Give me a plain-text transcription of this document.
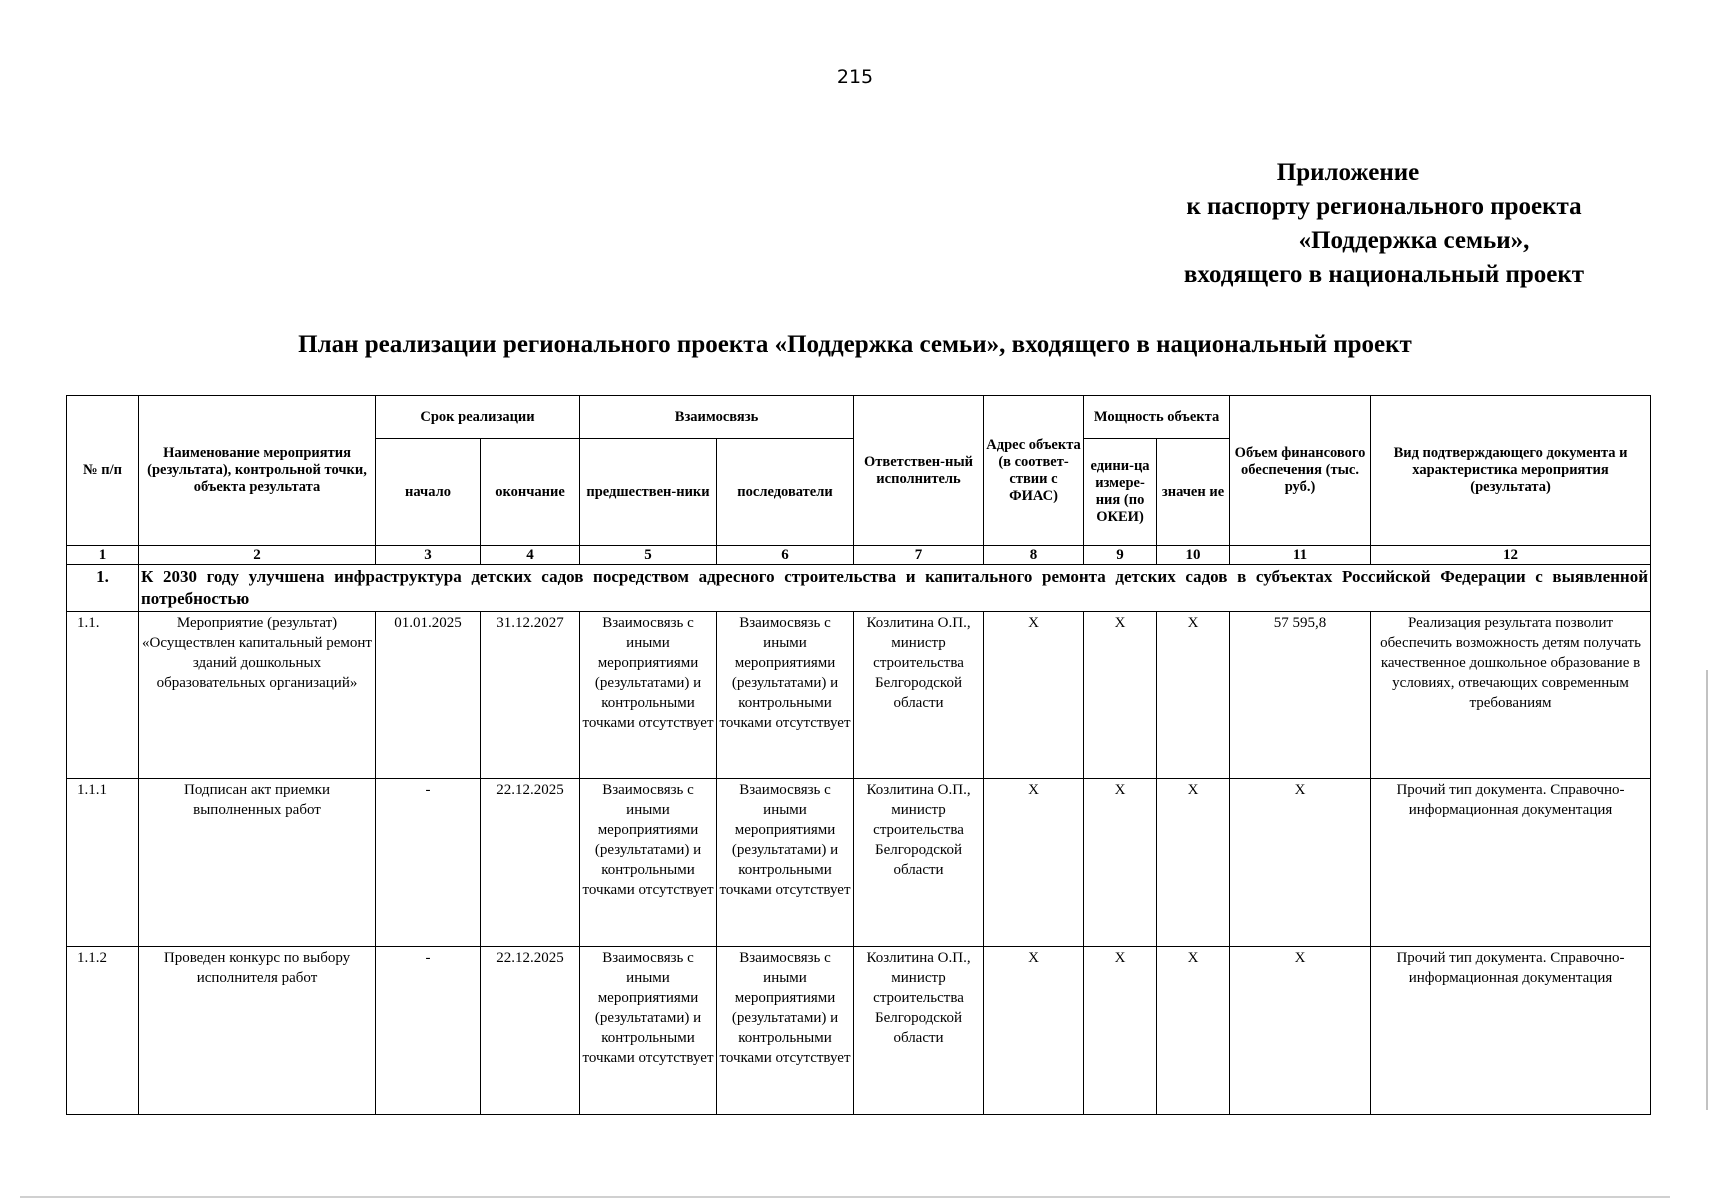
215
Приложение
к паспорту регионального проекта
«Поддержка семьи»,
входящего в национальный проект
План реализации регионального проекта «Поддержка семьи», входящего в национальный проект
№ п/п	Наименование мероприятия (результата), контрольной точки, объекта результата	Срок реализации		Взаимосвязь		Ответствен-ный исполнитель	Адрес объекта (в соответ-ствии с ФИАС)	Мощность объекта		Объем финансового обеспечения (тыс. руб.)	Вид подтверждающего документа и характеристика мероприятия (результата)
		начало	окончание	предшествен-ники	последователи			едини-ца измере-ния (по ОКЕИ)	значен ие		
1	2	3	4	5	6	7	8	9	10	11	12
1.	К 2030 году улучшена инфраструктура детских садов посредством адресного строительства и капитального ремонта детских садов в субъектах Российской Федерации с выявленной потребностью										
1.1.	Мероприятие (результат) «Осуществлен капитальный ремонт зданий дошкольных образовательных организаций»	01.01.2025	31.12.2027	Взаимосвязь с иными мероприятиями (результатами) и контрольными точками отсутствует	Взаимосвязь с иными мероприятиями (результатами) и контрольными точками отсутствует	Козлитина О.П., министр строительства Белгородской области	X	X	X	57 595,8	Реализация результата позволит обеспечить возможность детям получать качественное дошкольное образование в условиях, отвечающих современным требованиям
1.1.1	Подписан акт приемки выполненных работ	-	22.12.2025	Взаимосвязь с иными мероприятиями (результатами) и контрольными точками отсутствует	Взаимосвязь с иными мероприятиями (результатами) и контрольными точками отсутствует	Козлитина О.П., министр строительства Белгородской области	X	X	X	X	Прочий тип документа. Справочно-информационная документация
1.1.2	Проведен конкурс по выбору исполнителя работ	-	22.12.2025	Взаимосвязь с иными мероприятиями (результатами) и контрольными точками отсутствует	Взаимосвязь с иными мероприятиями (результатами) и контрольными точками отсутствует	Козлитина О.П., министр строительства Белгородской области	X	X	X	X	Прочий тип документа. Справочно-информационная документация
